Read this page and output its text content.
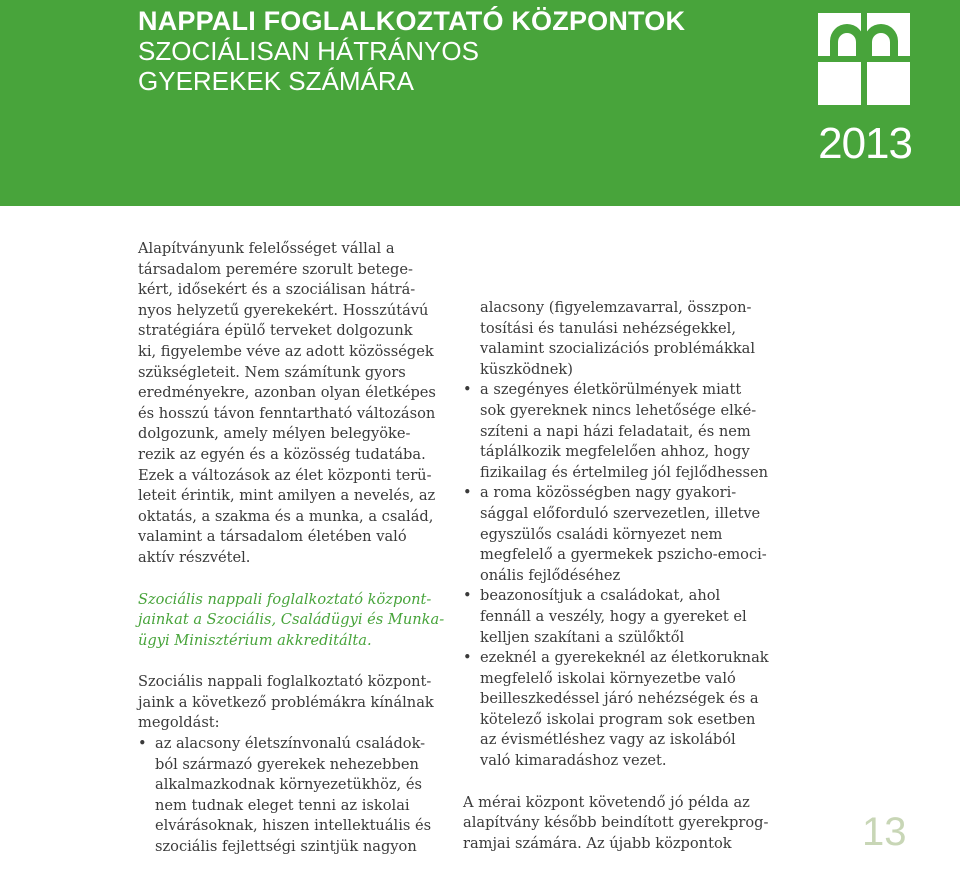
NAPPALI FOGLALKOZTATÓ KÖZPONTOK
SZOCIÁLISAN HÁTRÁNYOS
GYEREKEK SZÁMÁRA
2013
Alapítványunk felelősséget vállal a
társadalom peremére szorult betege-
kért, idősekért és a szociálisan hátrá-
nyos helyzetű gyerekekért. Hosszútávú
stratégiára épülő terveket dolgozunk
ki, figyelembe véve az adott közösségek
szükségleteit. Nem számítunk gyors
eredményekre, azonban olyan életképes
és hosszú távon fenntartható változáson
dolgozunk, amely mélyen belegyöke-
rezik az egyén és a közösség tudatába.
Ezek a változások az élet központi terü-
leteit érintik, mint amilyen a nevelés, az
oktatás, a szakma és a munka, a család,
valamint a társadalom életében való
aktív részvétel.
Szociális nappali foglalkoztató központ-
jainkat a Szociális, Családügyi és Munka-
ügyi Minisztérium akkreditálta.
Szociális nappali foglalkoztató központ-
jaink a következő problémákra kínálnak
megoldást:
• az alacsony életszínvonalú családok-
ból származó gyerekek nehezebben
alkalmazkodnak környezetükhöz, és
nem tudnak eleget tenni az iskolai
elvárásoknak, hiszen intellektuális és
szociális fejlettségi szintjük nagyon
alacsony (figyelemzavarral, összpon-
tosítási és tanulási nehézségekkel,
valamint szocializációs problémákkal
küszködnek)
• a szegényes életkörülmények miatt
sok gyereknek nincs lehetősége elké-
szíteni a napi házi feladatait, és nem
táplálkozik megfelelően ahhoz, hogy
fizikailag és értelmileg jól fejlődhessen
• a roma közösségben nagy gyakori-
sággal előforduló szervezetlen, illetve
egyszülős családi környezet nem
megfelelő a gyermekek pszicho-emoci-
onális fejlődéséhez
• beazonosítjuk a családokat, ahol
fennáll a veszély, hogy a gyereket el
kelljen szakítani a szülőktől
• ezeknél a gyerekeknél az életkoruknak
megfelelő iskolai környezetbe való
beilleszkedéssel járó nehézségek és a
kötelező iskolai program sok esetben
az évismétléshez vagy az iskolából
való kimaradáshoz vezet.
A mérai központ követendő jó példa az
alapítvány később beindított gyerekprog-
ramjai számára. Az újabb központok	13
